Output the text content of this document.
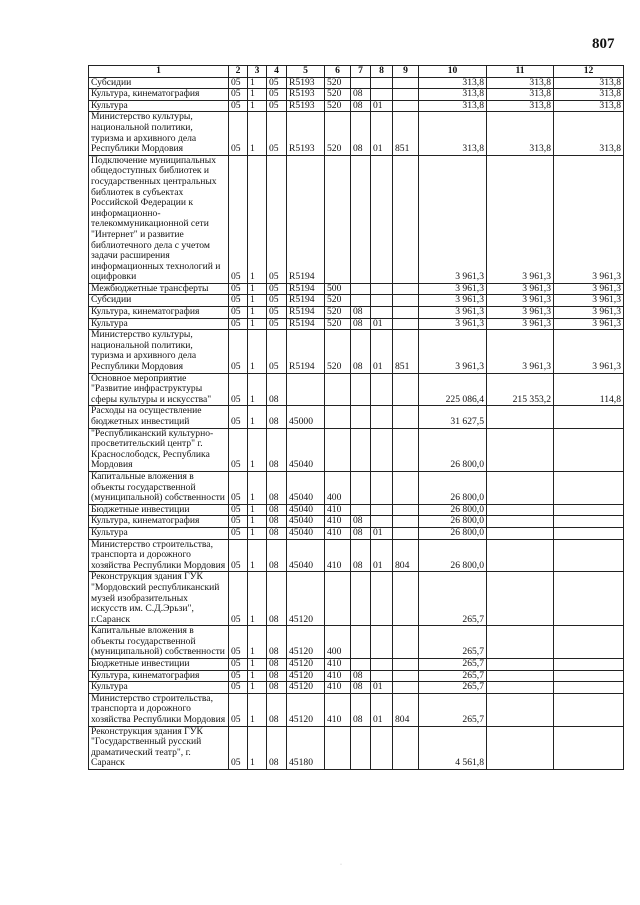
807
1	2	3	4	5	6	7	8	9	10	11	12
Субсидии	05	1	05	R5193	520				313,8	313,8	313,8
Культура, кинематография	05	1	05	R5193	520	08			313,8	313,8	313,8
Культура	05	1	05	R5193	520	08	01		313,8	313,8	313,8
Министерство культуры, национальной политики, туризма и архивного дела Республики Мордовия	05	1	05	R5193	520	08	01	851	313,8	313,8	313,8
Подключение муниципальных общедоступных библиотек и государственных центральных библиотек в субъектах Российской Федерации к информационно-телекоммуникационной сети "Интернет" и развитие библиотечного дела с учетом задачи расширения информационных технологий и оцифровки	05	1	05	R5194					3 961,3	3 961,3	3 961,3
Межбюджетные трансферты	05	1	05	R5194	500				3 961,3	3 961,3	3 961,3
Субсидии	05	1	05	R5194	520				3 961,3	3 961,3	3 961,3
Культура, кинематография	05	1	05	R5194	520	08			3 961,3	3 961,3	3 961,3
Культура	05	1	05	R5194	520	08	01		3 961,3	3 961,3	3 961,3
Министерство культуры, национальной политики, туризма и архивного дела Республики Мордовия	05	1	05	R5194	520	08	01	851	3 961,3	3 961,3	3 961,3
Основное мероприятие "Развитие инфраструктуры сферы культуры и искусства"	05	1	08						225 086,4	215 353,2	114,8
Расходы на осуществление бюджетных инвестиций	05	1	08	45000					31 627,5		
"Республиканский культурно-просветительский центр" г. Краснослободск, Республика Мордовия	05	1	08	45040					26 800,0		
Капитальные вложения в объекты государственной (муниципальной) собственности	05	1	08	45040	400				26 800,0		
Бюджетные инвестиции	05	1	08	45040	410				26 800,0		
Культура, кинематография	05	1	08	45040	410	08			26 800,0		
Культура	05	1	08	45040	410	08	01		26 800,0		
Министерство строительства, транспорта и дорожного хозяйства Республики Мордовия	05	1	08	45040	410	08	01	804	26 800,0		
Реконструкция здания ГУК "Мордовский республиканский музей изобразительных искусств им. С.Д.Эрьзи", г.Саранск	05	1	08	45120					265,7		
Капитальные вложения в объекты государственной (муниципальной) собственности	05	1	08	45120	400				265,7		
Бюджетные инвестиции	05	1	08	45120	410				265,7		
Культура, кинематография	05	1	08	45120	410	08			265,7		
Культура	05	1	08	45120	410	08	01		265,7		
Министерство строительства, транспорта и дорожного хозяйства Республики Мордовия	05	1	08	45120	410	08	01	804	265,7		
Реконструкция здания ГУК "Государственный русский драматический театр", г. Саранск	05	1	08	45180					4 561,8		
·
